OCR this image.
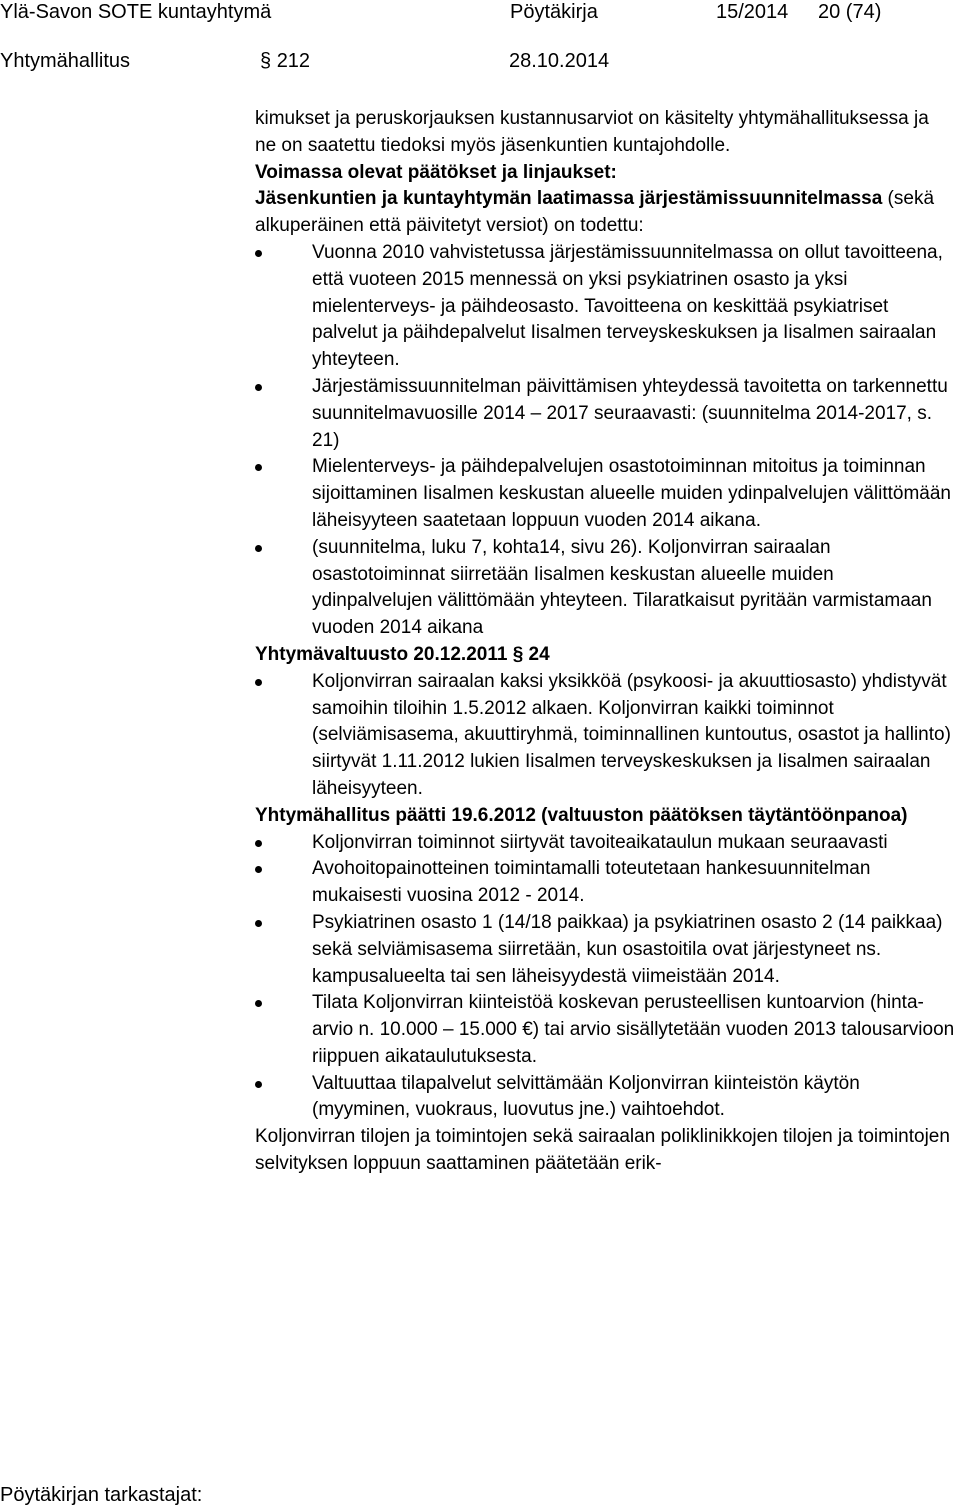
Ylä-Savon SOTE kuntayhtymä	Pöytäkirja	15/2014 20 (74)
Yhtymähallitus	§ 212	28.10.2014

kimukset ja peruskorjauksen kustannusarviot on käsitelty yhtymähallituksessa ja ne on saatettu tiedoksi myös jäsenkuntien kuntajohdolle.

Voimassa olevat päätökset ja linjaukset:

Jäsenkuntien ja kuntayhtymän laatimassa järjestämissuunnitelmassa (sekä alkuperäinen että päivitetyt versiot) on todettu:

Vuonna 2010 vahvistetussa järjestämissuunnitelmassa on ollut tavoitteena, että vuoteen 2015 mennessä on yksi psykiatrinen osasto ja yksi mielenterveys- ja päihdeosasto. Tavoitteena on keskittää psykiatriset palvelut ja päihdepalvelut Iisalmen terveyskeskuksen ja Iisalmen sairaalan yhteyteen.
Järjestämissuunnitelman päivittämisen yhteydessä tavoitetta on tarkennettu suunnitelmavuosille 2014 – 2017 seuraavasti: (suunnitelma 2014-2017, s. 21)
Mielenterveys- ja päihdepalvelujen osastotoiminnan mitoitus ja toiminnan sijoittaminen Iisalmen keskustan alueelle muiden ydinpalvelujen välittömään läheisyyteen saatetaan loppuun vuoden 2014 aikana.
(suunnitelma, luku 7, kohta14, sivu 26). Koljonvirran sairaalan osastotoiminnat siirretään Iisalmen keskustan alueelle muiden ydinpalvelujen välittömään yhteyteen. Tilaratkaisut pyritään varmistamaan vuoden 2014 aikana

Yhtymävaltuusto 20.12.2011 § 24

Koljonvirran sairaalan kaksi yksikköä (psykoosi- ja akuuttiosasto) yhdistyvät samoihin tiloihin 1.5.2012 alkaen. Koljonvirran kaikki toiminnot (selviämisasema, akuuttiryhmä, toiminnallinen kuntoutus, osastot ja hallinto) siirtyvät 1.11.2012 lukien Iisalmen terveyskeskuksen ja Iisalmen sairaalan läheisyyteen.

Yhtymähallitus päätti 19.6.2012 (valtuuston päätöksen täytäntöönpanoa)

Koljonvirran toiminnot siirtyvät tavoiteaikataulun mukaan seuraavasti
Avohoitopainotteinen toimintamalli toteutetaan hankesuunnitelman mukaisesti vuosina 2012 - 2014.
Psykiatrinen osasto 1 (14/18 paikkaa) ja psykiatrinen osasto 2 (14 paikkaa) sekä selviämisasema siirretään, kun osastoitila ovat järjestyneet ns. kampusalueelta tai sen läheisyydestä viimeistään 2014.
Tilata Koljonvirran kiinteistöä koskevan perusteellisen kuntoarvion (hinta-arvio n. 10.000 – 15.000 €) tai arvio sisällytetään vuoden 2013 talousarvioon riippuen aikataulutuksesta.
Valtuuttaa tilapalvelut selvittämään Koljonvirran kiinteistön käytön (myyminen, vuokraus, luovutus jne.) vaihtoehdot.

Koljonvirran tilojen ja toimintojen sekä sairaalan poliklinikkojen tilojen ja toimintojen selvityksen loppuun saattaminen päätetään erik-

Pöytäkirjan tarkastajat:
